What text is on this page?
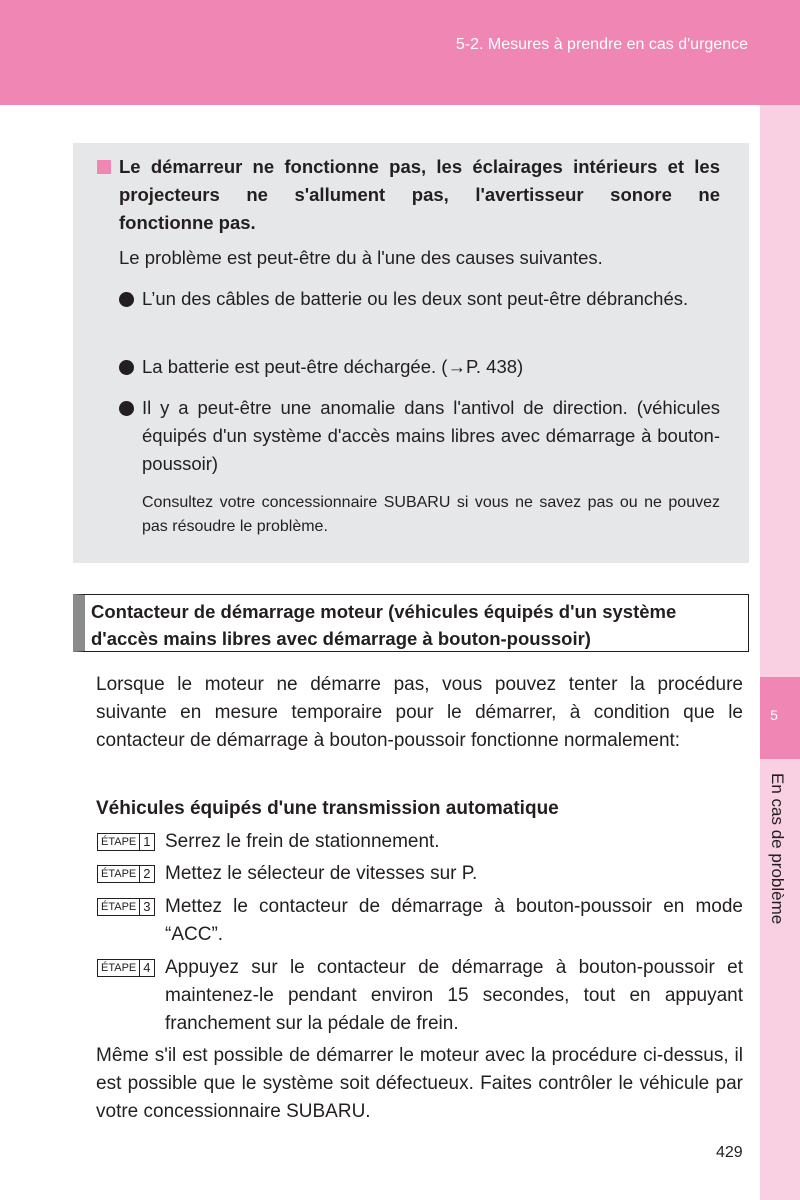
5-2. Mesures à prendre en cas d'urgence
5
En cas de problème
Le démarreur ne fonctionne pas, les éclairages intérieurs et les projecteurs ne s'allument pas, l'avertisseur sonore ne
fonctionne pas.
Le problème est peut-être du à l'une des causes suivantes.
L’un des câbles de batterie ou les deux sont peut-être débranchés.
La batterie est peut-être déchargée. (→P. 438)
Il y a peut-être une anomalie dans l'antivol de direction. (véhicules équipés d'un système d'accès mains libres avec démarrage à bouton-poussoir)
Consultez votre concessionnaire SUBARU si vous ne savez pas ou ne pouvez pas résoudre le problème.
Contacteur de démarrage moteur (véhicules équipés d'un système d'accès mains libres avec démarrage à bouton-poussoir)
Lorsque le moteur ne démarre pas, vous pouvez tenter la procédure suivante en mesure temporaire pour le démarrer, à condition que le contacteur de démarrage à bouton-poussoir fonctionne normalement:
Véhicules équipés d'une transmission automatique
ÉTAPE 1 Serrez le frein de stationnement.
ÉTAPE 2 Mettez le sélecteur de vitesses sur P.
ÉTAPE 3 Mettez le contacteur de démarrage à bouton-poussoir en mode “ACC”.
ÉTAPE 4 Appuyez sur le contacteur de démarrage à bouton-poussoir et maintenez-le pendant environ 15 secondes, tout en appuyant franchement sur la pédale de frein.
Même s'il est possible de démarrer le moteur avec la procédure ci-dessus, il est possible que le système soit défectueux. Faites contrôler le véhicule par votre concessionnaire SUBARU.
429
